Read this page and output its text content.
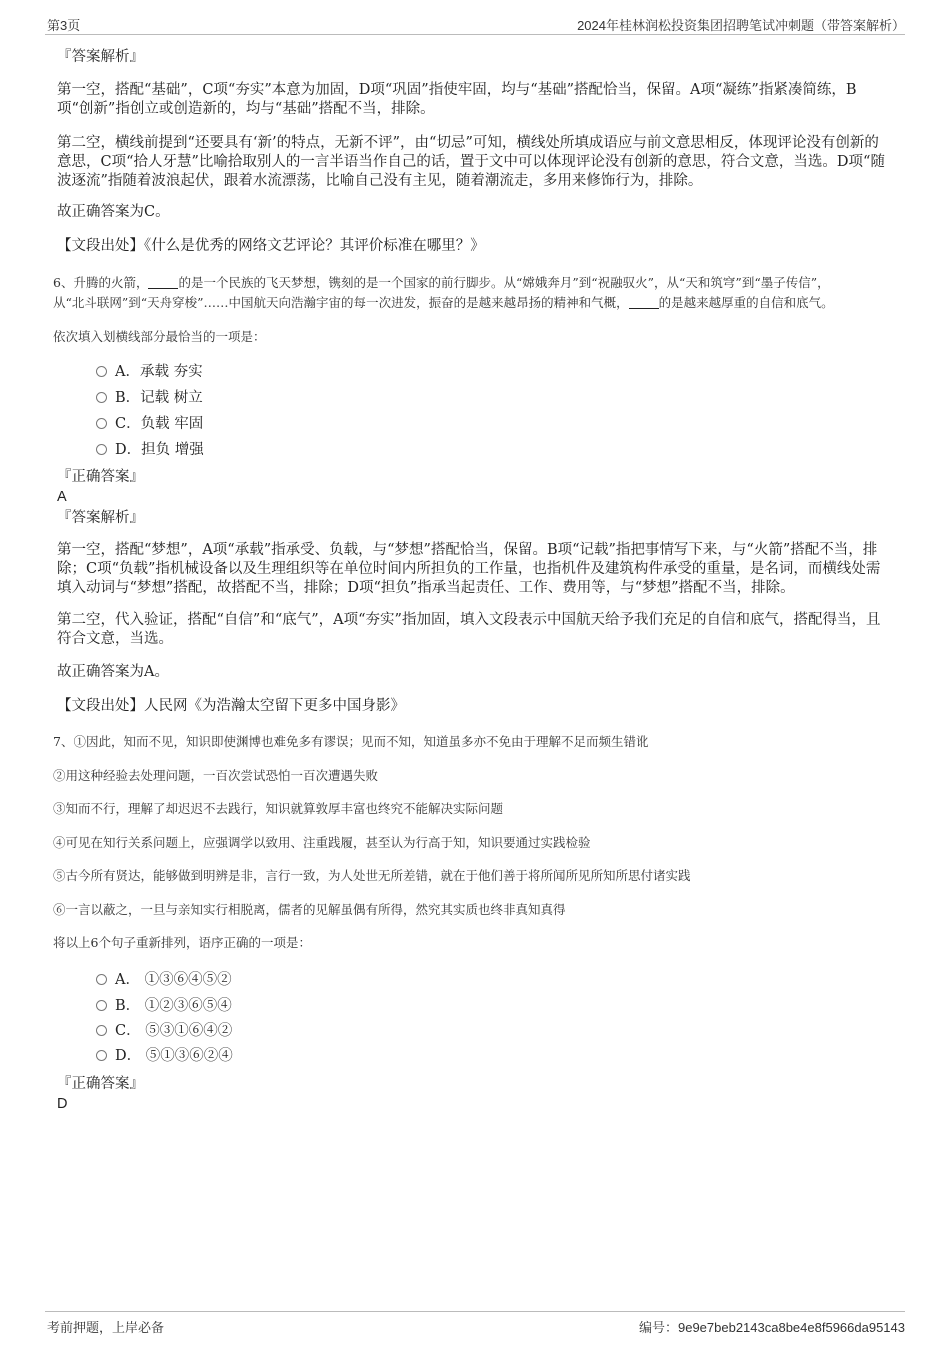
第3页	2024年桂林润松投资集团招聘笔试冲刺题（带答案解析）
『答案解析』
第一空，搭配“基础”，C项“夯实”本意为加固，D项“巩固”指使牢固，均与“基础”搭配恰当，保留。A项“凝练”指紧凑简练，B项“创新”指创立或创造新的，均与“基础”搭配不当，排除。
第二空，横线前提到“还要具有‘新’的特点，无新不评”，由“切忌”可知，横线处所填成语应与前文意思相反，体现评论没有创新的意思，C项“拾人牙慧”比喻拾取别人的一言半语当作自己的话，置于文中可以体现评论没有创新的意思，符合文意，当选。D项“随波逐流”指随着波浪起伏，跟着水流漂荡，比喻自己没有主见，随着潮流走，多用来修饰行为，排除。
故正确答案为C。
【文段出处】《什么是优秀的网络文艺评论？其评价标准在哪里？》
6、升腾的火箭， 的是一个民族的飞天梦想，镌刻的是一个国家的前行脚步。从“嫦娥奔月”到“祝融驭火”，从“天和筑穹”到“墨子传信”，
从“北斗联网”到“天舟穿梭”……中国航天向浩瀚宇宙的每一次进发，振奋的是越来越昂扬的精神和气概， 的是越来越厚重的自信和底气。
依次填入划横线部分最恰当的一项是：
A．承载 夯实
B．记载 树立
C．负载 牢固
D．担负 增强
『正确答案』
A
『答案解析』
第一空，搭配“梦想”，A项“承载”指承受、负载，与“梦想”搭配恰当，保留。B项“记载”指把事情写下来，与“火箭”搭配不当，排除；C项“负载”指机械设备以及生理组织等在单位时间内所担负的工作量，也指机件及建筑构件承受的重量，是名词，而横线处需填入动词与“梦想”搭配，故搭配不当，排除；D项“担负”指承当起责任、工作、费用等，与“梦想”搭配不当，排除。
第二空，代入验证，搭配“自信”和“底气”，A项“夯实”指加固，填入文段表示中国航天给予我们充足的自信和底气，搭配得当，且符合文意，当选。
故正确答案为A。
【文段出处】人民网《为浩瀚太空留下更多中国身影》
7、①因此，知而不见，知识即使渊博也难免多有谬误；见而不知，知道虽多亦不免由于理解不足而频生错讹
②用这种经验去处理问题，一百次尝试恐怕一百次遭遇失败
③知而不行，理解了却迟迟不去践行，知识就算敦厚丰富也终究不能解决实际问题
④可见在知行关系问题上，应强调学以致用、注重践履，甚至认为行高于知，知识要通过实践检验
⑤古今所有贤达，能够做到明辨是非，言行一致，为人处世无所差错，就在于他们善于将所闻所见所知所思付诸实践
⑥一言以蔽之，一旦与亲知实行相脱离，儒者的见解虽偶有所得，然究其实质也终非真知真得
将以上6个句子重新排列，语序正确的一项是：
A． ①③⑥④⑤②
B． ①②③⑥⑤④
C． ⑤③①⑥④②
D． ⑤①③⑥②④
『正确答案』
D
考前押题，上岸必备	编号：9e9e7beb2143ca8be4e8f5966da95143
